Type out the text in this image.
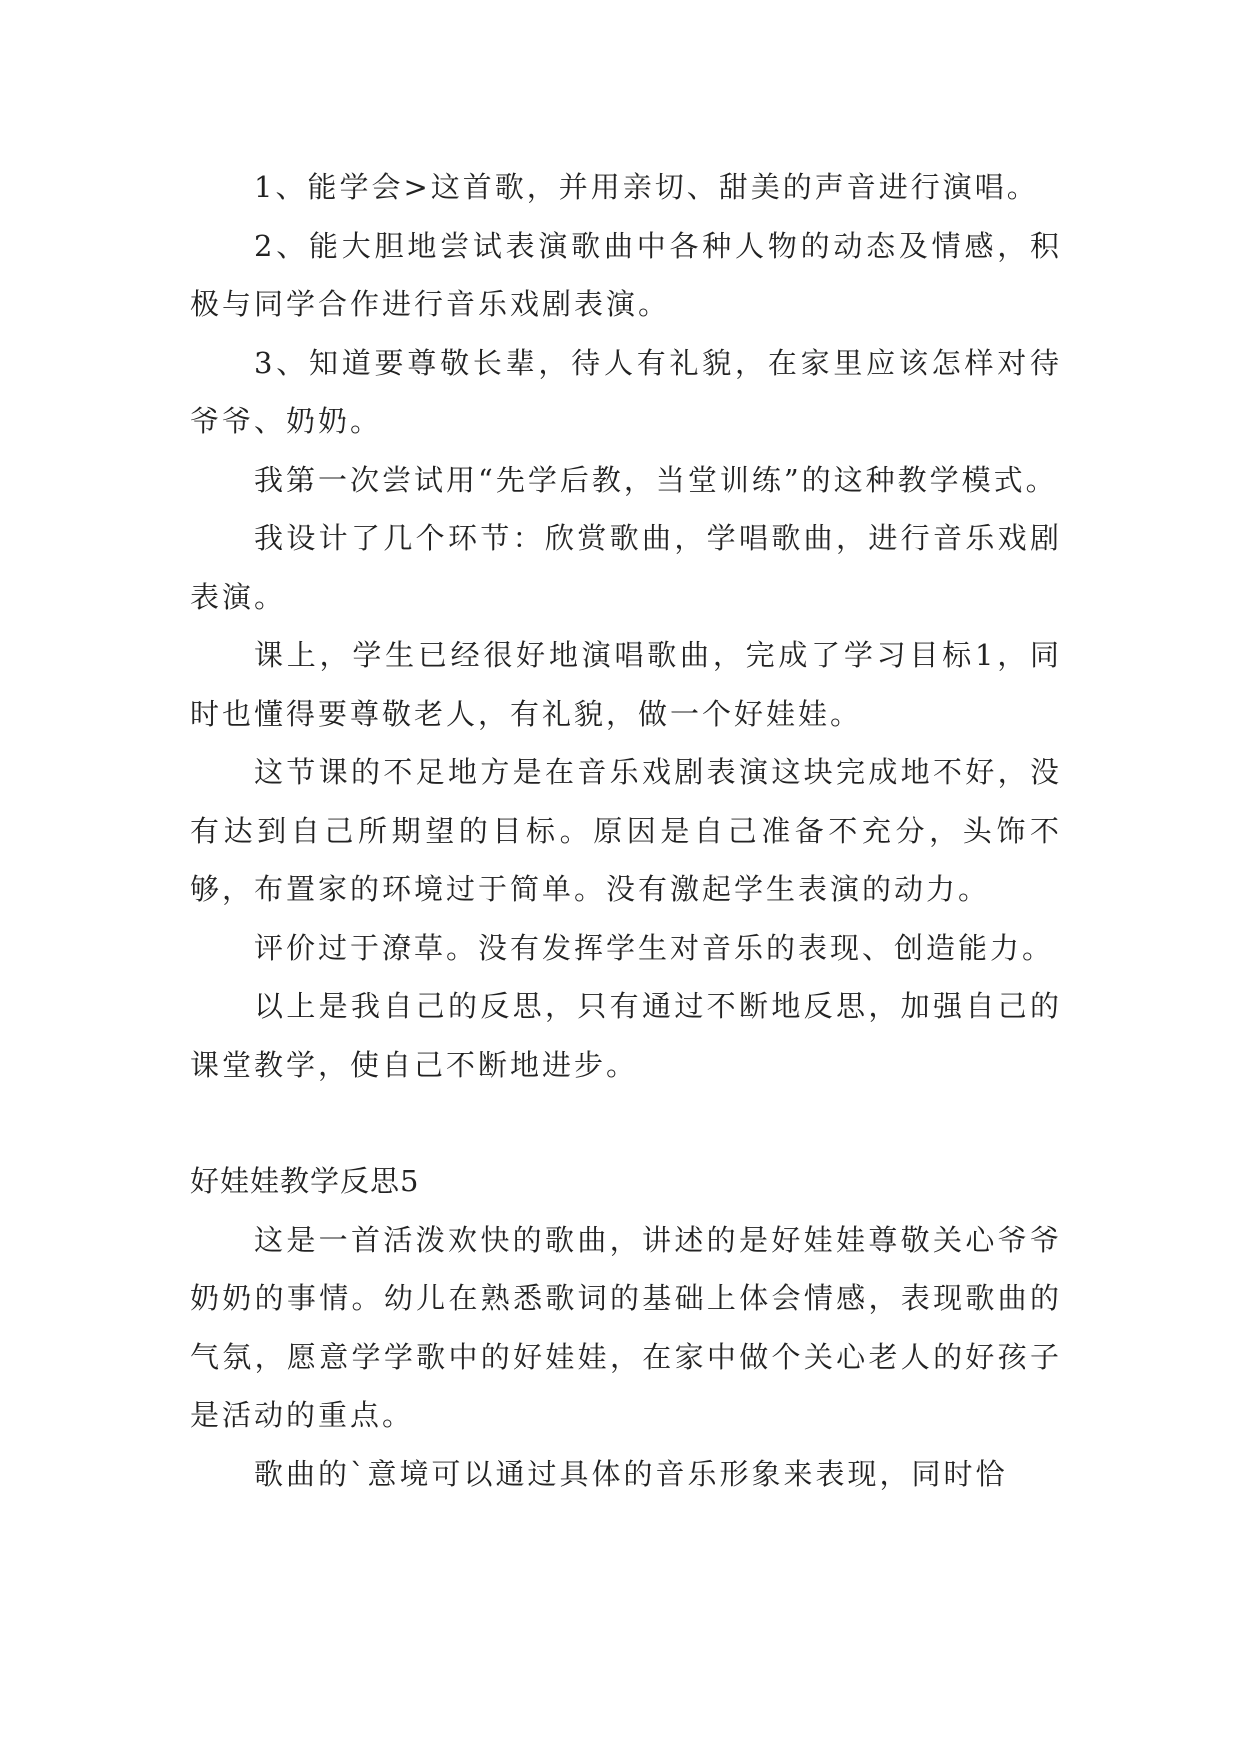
1、能学会>这首歌，并用亲切、甜美的声音进行演唱。

2、能大胆地尝试表演歌曲中各种人物的动态及情感，积极与同学合作进行音乐戏剧表演。

3、知道要尊敬长辈，待人有礼貌，在家里应该怎样对待爷爷、奶奶。

我第一次尝试用“先学后教，当堂训练”的这种教学模式。

我设计了几个环节：欣赏歌曲，学唱歌曲，进行音乐戏剧表演。

课上，学生已经很好地演唱歌曲，完成了学习目标1，同时也懂得要尊敬老人，有礼貌，做一个好娃娃。

这节课的不足地方是在音乐戏剧表演这块完成地不好，没有达到自己所期望的目标。原因是自己准备不充分，头饰不够，布置家的环境过于简单。没有激起学生表演的动力。

评价过于潦草。没有发挥学生对音乐的表现、创造能力。

以上是我自己的反思，只有通过不断地反思，加强自己的课堂教学，使自己不断地进步。

好娃娃教学反思5

这是一首活泼欢快的歌曲，讲述的是好娃娃尊敬关心爷爷奶奶的事情。幼儿在熟悉歌词的基础上体会情感，表现歌曲的气氛，愿意学学歌中的好娃娃，在家中做个关心老人的好孩子是活动的重点。

歌曲的`意境可以通过具体的音乐形象来表现，同时恰
